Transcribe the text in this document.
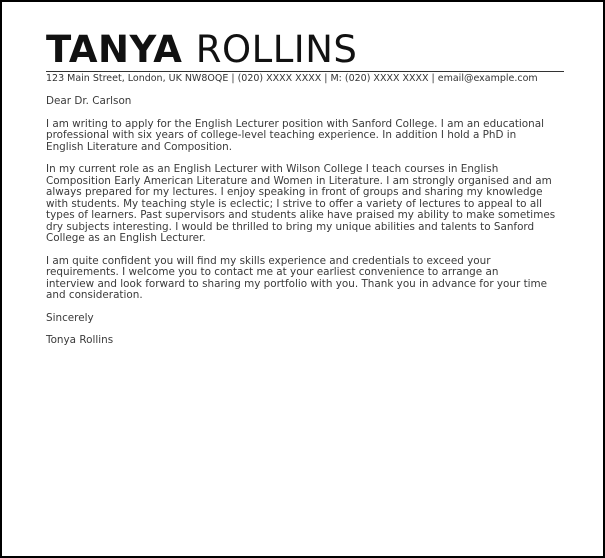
TANYA ROLLINS
123 Main Street, London, UK NW8OQE | (020) XXXX XXXX | M: (020) XXXX XXXX | email@example.com

Dear Dr. Carlson

I am writing to apply for the English Lecturer position with Sanford College. I am an educational
professional with six years of college-level teaching experience. In addition I hold a PhD in
English Literature and Composition.

In my current role as an English Lecturer with Wilson College I teach courses in English
Composition Early American Literature and Women in Literature. I am strongly organised and am
always prepared for my lectures. I enjoy speaking in front of groups and sharing my knowledge
with students. My teaching style is eclectic; I strive to offer a variety of lectures to appeal to all
types of learners. Past supervisors and students alike have praised my ability to make sometimes
dry subjects interesting. I would be thrilled to bring my unique abilities and talents to Sanford
College as an English Lecturer.

I am quite confident you will find my skills experience and credentials to exceed your
requirements. I welcome you to contact me at your earliest convenience to arrange an
interview and look forward to sharing my portfolio with you. Thank you in advance for your time
and consideration.

Sincerely

Tonya Rollins
